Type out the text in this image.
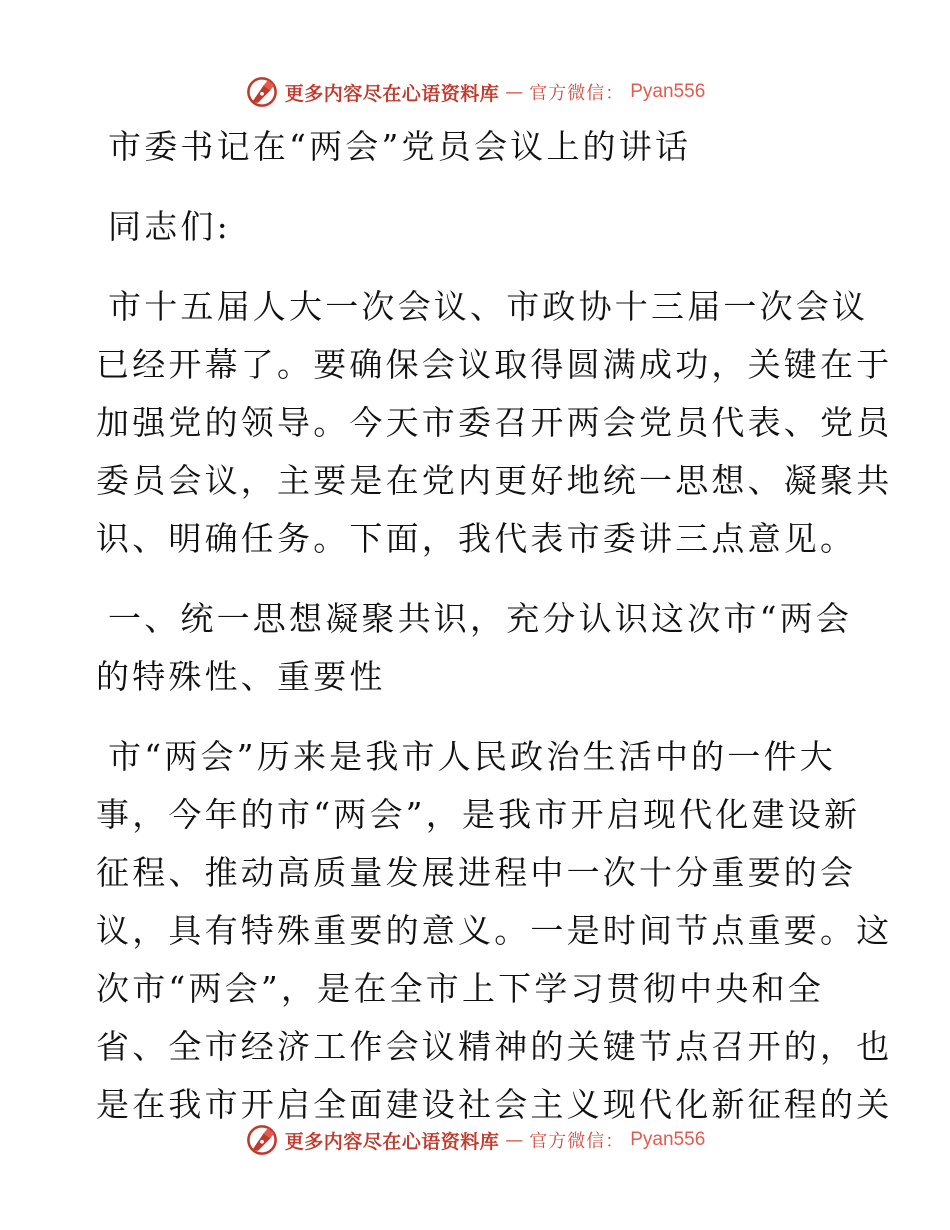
更多内容尽在心语资料库 — 官方微信： Pyan556
市委书记在“两会”党员会议上的讲话
同志们:
市十五届人大一次会议、市政协十三届一次会议
已经开幕了。要确保会议取得圆满成功，关键在于
加强党的领导。今天市委召开两会党员代表、党员
委员会议，主要是在党内更好地统一思想、凝聚共
识、明确任务。下面，我代表市委讲三点意见。
一、统一思想凝聚共识，充分认识这次市“两会
的特殊性、重要性
市“两会”历来是我市人民政治生活中的一件大
事，今年的市“两会”，是我市开启现代化建设新
征程、推动高质量发展进程中一次十分重要的会
议，具有特殊重要的意义。一是时间节点重要。这
次市“两会”，是在全市上下学习贯彻中央和全
省、全市经济工作会议精神的关键节点召开的，也
是在我市开启全面建设社会主义现代化新征程的关
更多内容尽在心语资料库 — 官方微信： Pyan556
